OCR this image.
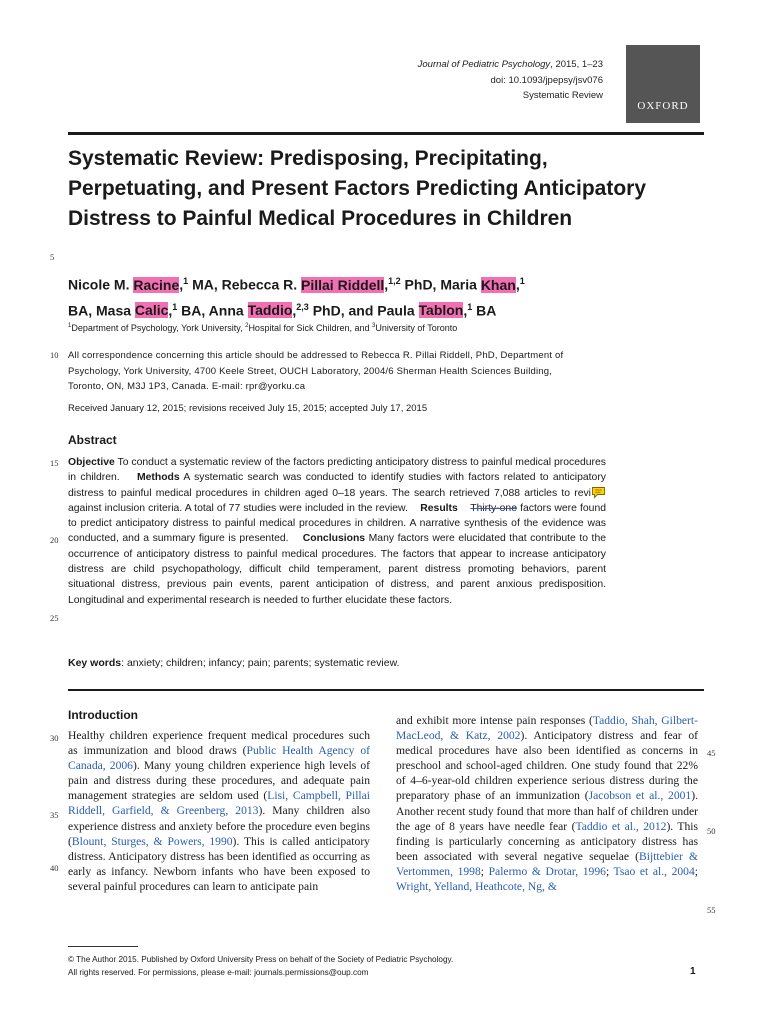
Journal of Pediatric Psychology, 2015, 1–23
doi: 10.1093/jpepsy/jsv076
Systematic Review
OXFORD
Systematic Review: Predisposing, Precipitating, Perpetuating, and Present Factors Predicting Anticipatory Distress to Painful Medical Procedures in Children
5
Nicole M. Racine,$^1$ MA, Rebecca R. Pillai Riddell,$^{1,2}$ PhD, Maria Khan,$^1$
BA, Masa Calic,$^1$ BA, Anna Taddio,$^{2,3}$ PhD, and Paula Tablon,$^1$ BA
$^1$Department of Psychology, York University, $^2$Hospital for Sick Children, and $^3$University of Toronto
10 All correspondence concerning this article should be addressed to Rebecca R. Pillai Riddell, PhD, Department of
Psychology, York University, 4700 Keele Street, OUCH Laboratory, 2004/6 Sherman Health Sciences Building,
Toronto, ON, M3J 1P3, Canada. E-mail: rpr@yorku.ca
Received January 12, 2015; revisions received July 15, 2015; accepted July 17, 2015
Abstract
15
20
25
Objective To conduct a systematic review of the factors predicting anticipatory distress to painful medical procedures in children. Methods A systematic search was conducted to identify studies with factors related to anticipatory distress to painful medical procedures in children aged 0–18 years. The search retrieved 7,088 articles to reviagainst inclusion criteria. A total of 77 studies were included in the review. Results Thirty-one factors were found to predict anticipatory distress to painful medical procedures in children. A narrative synthesis of the evidence was conducted, and a summary figure is presented. Conclusions Many factors were elucidated that contribute to the occurrence of anticipatory distress to painful medical procedures. The factors that appear to increase anticipatory distress are child psychopathology, difficult child temperament, parent distress promoting behaviors, parent situational distress, previous pain events, parent anticipation of distress, and parent anxious predisposition. Longitudinal and experimental research is needed to further elucidate these factors.
Key words: anxiety; children; infancy; pain; parents; systematic review.
Introduction
30
35
40
45
50
55
Healthy children experience frequent medical procedures such as immunization and blood draws (Public Health Agency of Canada, 2006). Many young children experience high levels of pain and distress during these procedures, and adequate pain management strategies are seldom used (Lisi, Campbell, Pillai Riddell, Garfield, & Greenberg, 2013). Many children also experience distress and anxiety before the procedure even begins (Blount, Sturges, & Powers, 1990). This is called anticipatory distress. Anticipatory distress has been identified as occurring as early as infancy. Newborn infants who have been exposed to several painful procedures can learn to anticipate pain
and exhibit more intense pain responses (Taddio, Shah, Gilbert-MacLeod, & Katz, 2002). Anticipatory distress and fear of medical procedures have also been identified as concerns in preschool and school-aged children. One study found that 22% of 4–6-year-old children experience serious distress during the preparatory phase of an immunization (Jacobson et al., 2001). Another recent study found that more than half of children under the age of 8 years have needle fear (Taddio et al., 2012). This finding is particularly concerning as anticipatory distress has been associated with several negative sequelae (Bijttebier & Vertommen, 1998; Palermo & Drotar, 1996; Tsao et al., 2004; Wright, Yelland, Heathcote, Ng, &
© The Author 2015. Published by Oxford University Press on behalf of the Society of Pediatric Psychology.
All rights reserved. For permissions, please e-mail: journals.permissions@oup.com	1
